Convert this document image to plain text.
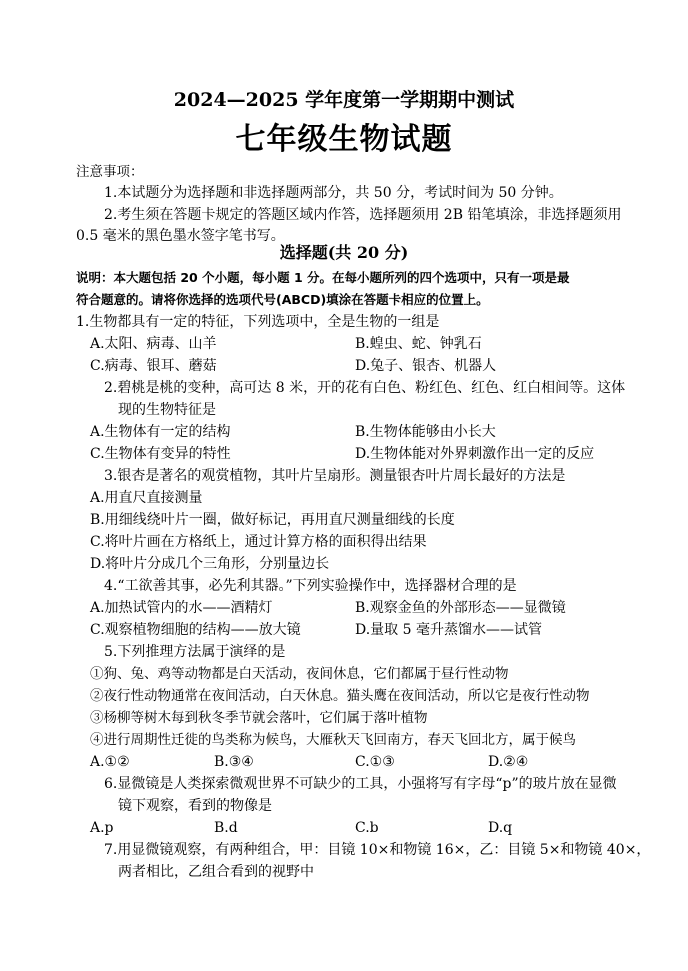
2024—2025 学年度第一学期期中测试
七年级生物试题
注意事项：
1.本试题分为选择题和非选择题两部分，共 50 分，考试时间为 50 分钟。
2.考生须在答题卡规定的答题区域内作答，选择题须用 2B 铅笔填涂，非选择题须用
0.5 毫米的黑色墨水签字笔书写。
选择题(共 20 分)
说明：本大题包括 20 个小题，每小题 1 分。在每小题所列的四个选项中，只有一项是最
符合题意的。请将你选择的选项代号(ABCD)填涂在答题卡相应的位置上。
1.生物都具有一定的特征，下列选项中，全是生物的一组是
A.太阳、病毒、山羊	B.蝗虫、蛇、钟乳石
C.病毒、银耳、蘑菇	D.兔子、银杏、机器人
2.碧桃是桃的变种，高可达 8 米，开的花有白色、粉红色、红色、红白相间等。这体
现的生物特征是
A.生物体有一定的结构	B.生物体能够由小长大
C.生物体有变异的特性	D.生物体能对外界刺激作出一定的反应
3.银杏是著名的观赏植物，其叶片呈扇形。测量银杏叶片周长最好的方法是
A.用直尺直接测量
B.用细线绕叶片一圈，做好标记，再用直尺测量细线的长度
C.将叶片画在方格纸上，通过计算方格的面积得出结果
D.将叶片分成几个三角形，分别量边长
4.“工欲善其事，必先利其器。”下列实验操作中，选择器材合理的是
A.加热试管内的水——酒精灯	B.观察金鱼的外部形态——显微镜
C.观察植物细胞的结构——放大镜	D.量取 5 毫升蒸馏水——试管
5.下列推理方法属于演绎的是
①狗、兔、鸡等动物都是白天活动，夜间休息，它们都属于昼行性动物
②夜行性动物通常在夜间活动，白天休息。猫头鹰在夜间活动，所以它是夜行性动物
③杨柳等树木每到秋冬季节就会落叶，它们属于落叶植物
④进行周期性迁徙的鸟类称为候鸟，大雁秋天飞回南方，春天飞回北方，属于候鸟
A.①②	B.③④	C.①③	D.②④
6.显微镜是人类探索微观世界不可缺少的工具，小强将写有字母“p”的玻片放在显微
镜下观察，看到的物像是
A.p	B.d	C.b	D.q
7.用显微镜观察，有两种组合，甲：目镜 10×和物镜 16×，乙：目镜 5×和物镜 40×，
两者相比，乙组合看到的视野中
